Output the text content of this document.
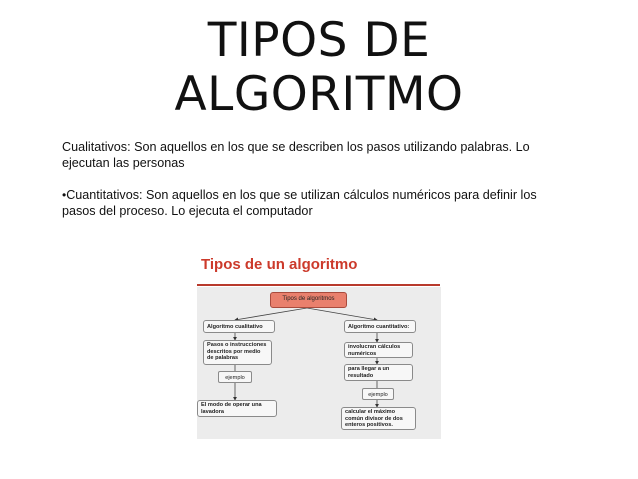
TIPOS DE
ALGORITMO

Cualitativos: Son aquellos en los que se describen los pasos utilizando palabras. Lo ejecutan las personas

•Cuantitativos: Son aquellos en los que se utilizan cálculos numéricos para definir los pasos del proceso. Lo ejecuta el computador

Tipos de un algoritmo
Tipos de algoritmos
Algoritmo cualitativo	Algoritmo cuantitativo:
Pasos o instrucciones descritos por medio de palabras
involucran cálculos numéricos
para llegar a un resultado
ejemplo
ejemplo
El modo de operar una lavadora	calcular el máximo común divisor de dos enteros positivos.
